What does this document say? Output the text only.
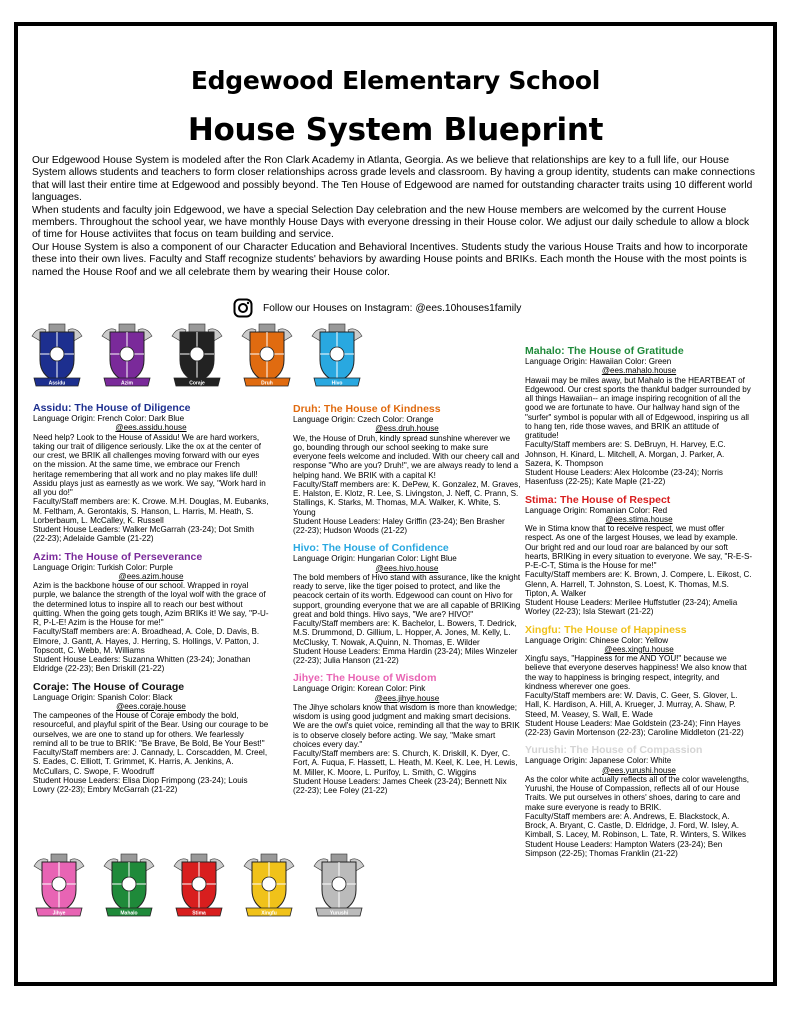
Edgewood Elementary School
House System Blueprint

Our Edgewood House System is modeled after the Ron Clark Academy in Atlanta, Georgia. As we believe that relationships are key to a full life, our House System allows students and teachers to form closer relationships across grade levels and classroom. By having a group identity, students can make connections that will last their entire time at Edgewood and possibly beyond. The Ten House of Edgewood are named for outstanding character traits using 10 different world languages.

When students and faculty join Edgewood, we have a special Selection Day celebration and the new House members are welcomed by the current House members. Throughout the school year, we have monthly House Days with everyone dressing in their House color. We adjust our daily schedule to allow a block of time for House activiites that focus on team building and service.

Our House System is also a component of our Character Education and Behavioral Incentives. Students study the various House Traits and how to incorporate these into their own lives. Faculty and Staff recognize students' behaviors by awarding House points and BRIKs. Each month the House with the most points is named the House Roof and we all celebrate them by wearing their House color.

Follow our Houses on Instagram: @ees.10houses1family
Assidu	Azim	Coraje	Druh	Hivo
Jihye	Mahalo	Stima	Xingfu	Yurushi
Assidu: The House of Diligence
Language Origin: French Color: Dark Blue
@ees.assidu.house
Need help? Look to the House of Assidu! We are hard workers, taking our trait of diligence seriously. Like the ox at the center of our crest, we BRIK all challenges moving forward with our eyes on the mission. At the same time, we embrace our French heritage remembering that all work and no play makes life dull! Assidu plays just as earnestly as we work. We say, "Work hard in all you do!"
Faculty/Staff members are: K. Crowe. M.H. Douglas, M. Eubanks, M. Feltham, A. Gerontakis, S. Hanson, L. Harris, M. Heath, S. Lorberbaum, L. McCalley, K. Russell
Student House Leaders: Walker McGarrah (23-24); Dot Smith (22-23); Adelaide Gamble (21-22)
Azim: The House of Perseverance
Language Origin: Turkish Color: Purple
@ees.azim.house
Azim is the backbone house of our school. Wrapped in royal purple, we balance the strength of the loyal wolf with the grace of the determined lotus to inspire all to reach our best without quitting. When the going gets tough, Azim BRIKs it! We say, "P-U-R, P-L-E! Azim is the House for me!"
Faculty/Staff members are: A. Broadhead, A. Cole, D. Davis, B. Elmore, J. Gantt, A. Hayes, J. Herring, S. Hollings, V. Patton, J. Topscott, C. Webb, M. Williams
Student House Leaders: Suzanna Whitten (23-24); Jonathan Eldridge (22-23); Ben Driskill (21-22)
Coraje: The House of Courage
Language Origin: Spanish Color: Black
@ees.coraje.house
The campeones of the House of Coraje embody the bold, resourceful, and playful spirit of the Bear. Using our courage to be ourselves, we are one to stand up for others. We fearlessly remind all to be true to BRIK: "Be Brave, Be Bold, Be Your Best!"
Faculty/Staff members are: J. Cannady, L. Corscadden, M. Creel, S. Eades, C. Elliott, T. Grimmet, K. Harris, A. Jenkins, A. McCullars, C. Swope, F. Woodruff
Student House Leaders: Elisa Diop Frimpong (23-24); Louis Lowry (22-23); Embry McGarrah (21-22)
Druh: The House of Kindness
Language Origin: Czech Color: Orange
@ess.druh.house
We, the House of Druh, kindly spread sunshine wherever we go, bounding through our school seeking to make sure everyone feels welcome and included. With our cheery call and response "Who are you? Druh!", we are always ready to lend a helping hand. We BRIK with a capital K!
Faculty/Staff members are: K. DePew, K. Gonzalez, M. Graves, E. Halston, E. Klotz, R. Lee, S. Livingston, J. Neff, C. Prann, S. Stallings, K. Starks, M. Thomas, M.A. Walker, K. White, S. Young
Student House Leaders: Haley Griffin (23-24); Ben Brasher (22-23); Hudson Woods (21-22)
Hivo: The House of Confidence
Language Origin: Hungarian Color: Light Blue
@ees.hivo.house
The bold members of Hivo stand with assurance, like the knight ready to serve, like the tiger poised to protect, and like the peacock certain of its worth. Edgewood can count on Hivo for support, grounding everyone that we are all capable of BRIKing great and bold things. Hivo says, "We are? HIVO!"
Faculty/Staff members are: K. Bachelor, L. Bowers, T. Dedrick, M.S. Drummond, D. Gillium, L. Hopper, A. Jones, M. Kelly, L. McClusky, T. Nowak, A.Quinn, N. Thomas, E. Wilder
Student House Leaders: Emma Hardin (23-24); Miles Winzeler (22-23); Julia Hanson (21-22)
Jihye: The House of Wisdom
Language Origin: Korean Color: Pink
@ees.jihye.house
The Jihye scholars know that wisdom is more than knowledge; wisdom is using good judgment and making smart decisions. We are the owl's quiet voice, reminding all that the way to BRIK is to observe closely before acting. We say, "Make smart choices every day."
Faculty/Staff members are: S. Church, K. Driskill, K. Dyer, C. Fort, A. Fuqua, F. Hassett, L. Heath, M. Keel, K. Lee, H. Lewis, M. Miller, K. Moore, L. Purifoy, L. Smith, C. Wiggins
Student House Leaders: James Cheek (23-24); Bennett Nix (22-23); Lee Foley (21-22)
Mahalo: The House of Gratitude
Language Origin: Hawaiian Color: Green
@ees.mahalo.house
Hawaii may be miles away, but Mahalo is the HEARTBEAT of Edgewood. Our crest sports the thankful badger surrounded by all things Hawaiian-- an image inspiring recognition of all the good we are fortunate to have. Our hallway hand sign of the "surfer" symbol is popular with all of Edgewood, inspiring us all to hang ten, ride those waves, and BRIK an attitude of gratitude!
Faculty/Staff members are: S. DeBruyn, H. Harvey, E.C. Johnson, H. Kinard, L. Mitchell, A. Morgan, J. Parker, A. Sazera, K. Thompson
Student House Leaders: Alex Holcombe (23-24); Norris Hasenfuss (22-25); Kate Maple (21-22)
Stima: The House of Respect
Language Origin: Romanian Color: Red
@ees.stima.house
We in Stima know that to receive respect, we must offer respect. As one of the largest Houses, we lead by example. Our bright red and our loud roar are balanced by our soft hearts, BRIKing in every situation to everyone. We say, "R-E-S-P-E-C-T, Stima is the House for me!"
Faculty/Staff members are: K. Brown, J. Compere, L. Eikost, C. Glenn, A. Harrell, T. Johnston, S. Loest, K. Thomas, M.S. Tipton, A. Walker
Student House Leaders: Merilee Huffstutler (23-24); Amelia Worley (22-23); Isla Stewart (21-22)
Xingfu: The House of Happiness
Language Origin: Chinese Color: Yellow
@ees.xingfu.house
Xingfu says, "Happiness for me AND YOU!" because we believe that everyone deserves happiness! We also know that the way to happiness is bringing respect, integrity, and kindness wherever one goes.
Faculty/Staff members are: W. Davis, C. Geer, S. Glover, L. Hall, K. Hardison, A. Hill, A. Krueger, J. Murray, A. Shaw, P. Steed, M. Veasey, S. Wall, E. Wade
Student House Leaders: Mae Goldstein (23-24); Finn Hayes (22-23) Gavin Mortenson (22-23); Caroline Middleton (21-22)
Yurushi: The House of Compassion
Language Origin: Japanese Color: White
@ees.yurushi.house
As the color white actually reflects all of the color wavelengths, Yurushi, the House of Compassion, reflects all of our House Traits. We put ourselves in others' shoes, daring to care and make sure everyone is ready to BRIK.
Faculty/Staff members are: A. Andrews, E. Blackstock, A. Brock, A. Bryant, C. Castle, D. Eldridge, J. Ford, W. Isley, A. Kimball, S. Lacey, M. Robinson, L. Tate, R. Winters, S. Wilkes
Student House Leaders: Hampton Waters (23-24); Ben Simpson (22-25); Thomas Franklin (21-22)
